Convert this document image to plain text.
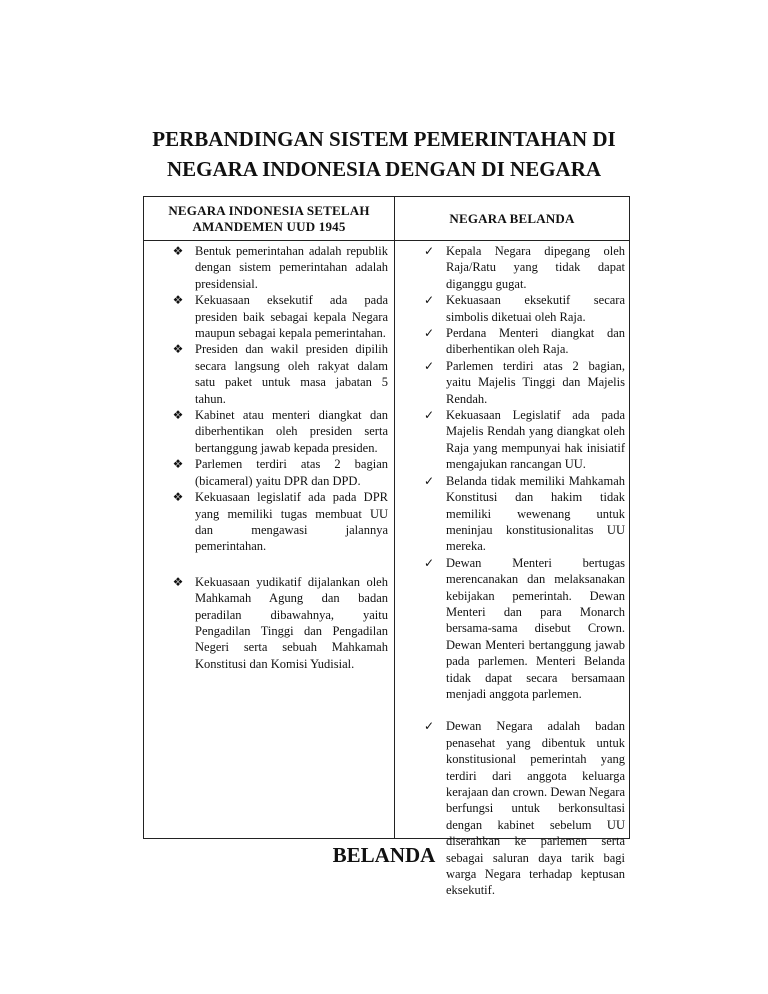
PERBANDINGAN SISTEM PEMERINTAHAN DI
NEGARA INDONESIA DENGAN DI NEGARA
NEGARA INDONESIA SETELAH AMANDEMEN UUD 1945
NEGARA BELANDA
❖ Bentuk pemerintahan adalah republik dengan sistem pemerintahan adalah presidensial.
❖ Kekuasaan eksekutif ada pada presiden baik sebagai kepala Negara maupun sebagai kepala pemerintahan.
❖ Presiden dan wakil presiden dipilih secara langsung oleh rakyat dalam satu paket untuk masa jabatan 5 tahun.
❖ Kabinet atau menteri diangkat dan diberhentikan oleh presiden serta bertanggung jawab kepada presiden.
❖ Parlemen terdiri atas 2 bagian (bicameral) yaitu DPR dan DPD.
❖ Kekuasaan legislatif ada pada DPR yang memiliki tugas membuat UU dan mengawasi jalannya pemerintahan.
❖ Kekuasaan yudikatif dijalankan oleh Mahkamah Agung dan badan peradilan dibawahnya, yaitu Pengadilan Tinggi dan Pengadilan Negeri serta sebuah Mahkamah Konstitusi dan Komisi Yudisial.
✓ Kepala Negara dipegang oleh Raja/Ratu yang tidak dapat diganggu gugat.
✓ Kekuasaan eksekutif secara simbolis diketuai oleh Raja.
✓ Perdana Menteri diangkat dan diberhentikan oleh Raja.
✓ Parlemen terdiri atas 2 bagian, yaitu Majelis Tinggi dan Majelis Rendah.
✓ Kekuasaan Legislatif ada pada Majelis Rendah yang diangkat oleh Raja yang mempunyai hak inisiatif mengajukan rancangan UU.
✓ Belanda tidak memiliki Mahkamah Konstitusi dan hakim tidak memiliki wewenang untuk meninjau konstitusionalitas UU mereka.
✓ Dewan Menteri bertugas merencanakan dan melaksanakan kebijakan pemerintah. Dewan Menteri dan para Monarch bersama-sama disebut Crown. Dewan Menteri bertanggung jawab pada parlemen. Menteri Belanda tidak dapat secara bersamaan menjadi anggota parlemen.
✓ Dewan Negara adalah badan penasehat yang dibentuk untuk konstitusional pemerintah yang terdiri dari anggota keluarga kerajaan dan crown. Dewan Negara berfungsi untuk berkonsultasi dengan kabinet sebelum UU diserahkan ke parlemen serta sebagai saluran daya tarik bagi warga Negara terhadap keptusan eksekutif.
BELANDA
